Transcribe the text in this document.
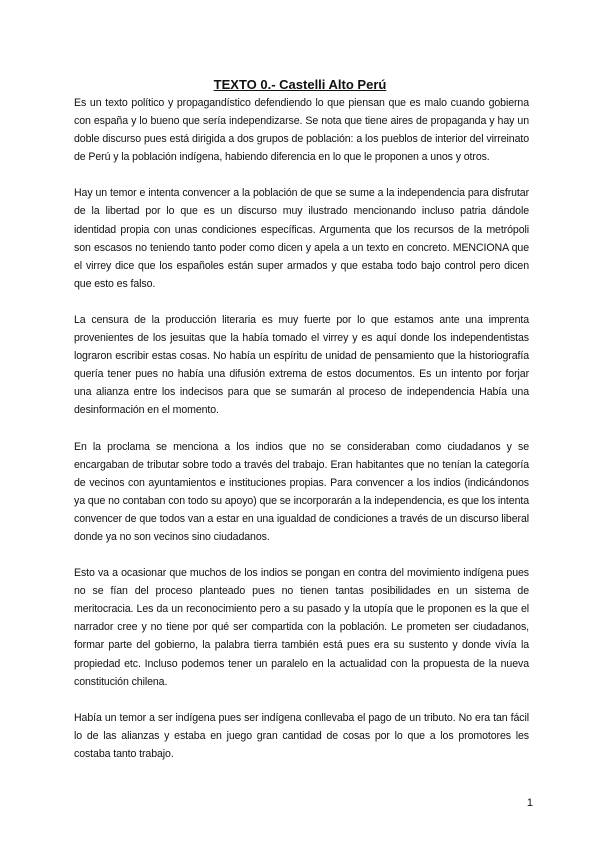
TEXTO 0.- Castelli Alto Perú

Es un texto político y propagandístico defendiendo lo que piensan que es malo cuando gobierna con españa y lo bueno que sería independizarse. Se nota que tiene aires de propaganda y hay un doble discurso pues está dirigida a dos grupos de población: a los pueblos de interior del virreinato de Perú y la población indígena, habiendo diferencia en lo que le proponen a unos y otros.

Hay un temor e intenta convencer a la población de que se sume a la independencia para disfrutar de la libertad por lo que es un discurso muy ilustrado mencionando incluso patria dándole identidad propia con unas condiciones específicas. Argumenta que los recursos de la metrópoli son escasos no teniendo tanto poder como dicen y apela a un texto en concreto. MENCIONA que el virrey dice que los españoles están super armados y que estaba todo bajo control pero dicen que esto es falso.

La censura de la producción literaria es muy fuerte por lo que estamos ante una imprenta provenientes de los jesuitas que la había tomado el virrey y es aquí donde los independentistas lograron escribir estas cosas. No había un espíritu de unidad de pensamiento que la historiografía quería tener pues no había una difusión extrema de estos documentos. Es un intento por forjar una alianza entre los indecisos para que se sumarán al proceso de independencia Había una desinformación en el momento.

En la proclama se menciona a los indios que no se consideraban como ciudadanos y se encargaban de tributar sobre todo a través del trabajo. Eran habitantes que no tenían la categoría de vecinos con ayuntamientos e instituciones propias. Para convencer a los indios (indicándonos ya que no contaban con todo su apoyo) que se incorporarán a la independencia, es que los intenta convencer de que todos van a estar en una igualdad de condiciones a través de un discurso liberal donde ya no son vecinos sino ciudadanos.

Esto va a ocasionar que muchos de los indios se pongan en contra del movimiento indígena pues no se fían del proceso planteado pues no tienen tantas posibilidades en un sistema de meritocracia. Les da un reconocimiento pero a su pasado y la utopía que le proponen es la que el narrador cree y no tiene por qué ser compartida con la población. Le prometen ser ciudadanos, formar parte del gobierno, la palabra tierra también está pues era su sustento y donde vivía la propiedad etc. Incluso podemos tener un paralelo en la actualidad con la propuesta de la nueva constitución chilena.

Había un temor a ser indígena pues ser indígena conllevaba el pago de un tributo. No era tan fácil lo de las alianzas y estaba en juego gran cantidad de cosas por lo que a los promotores les costaba tanto trabajo.

1
